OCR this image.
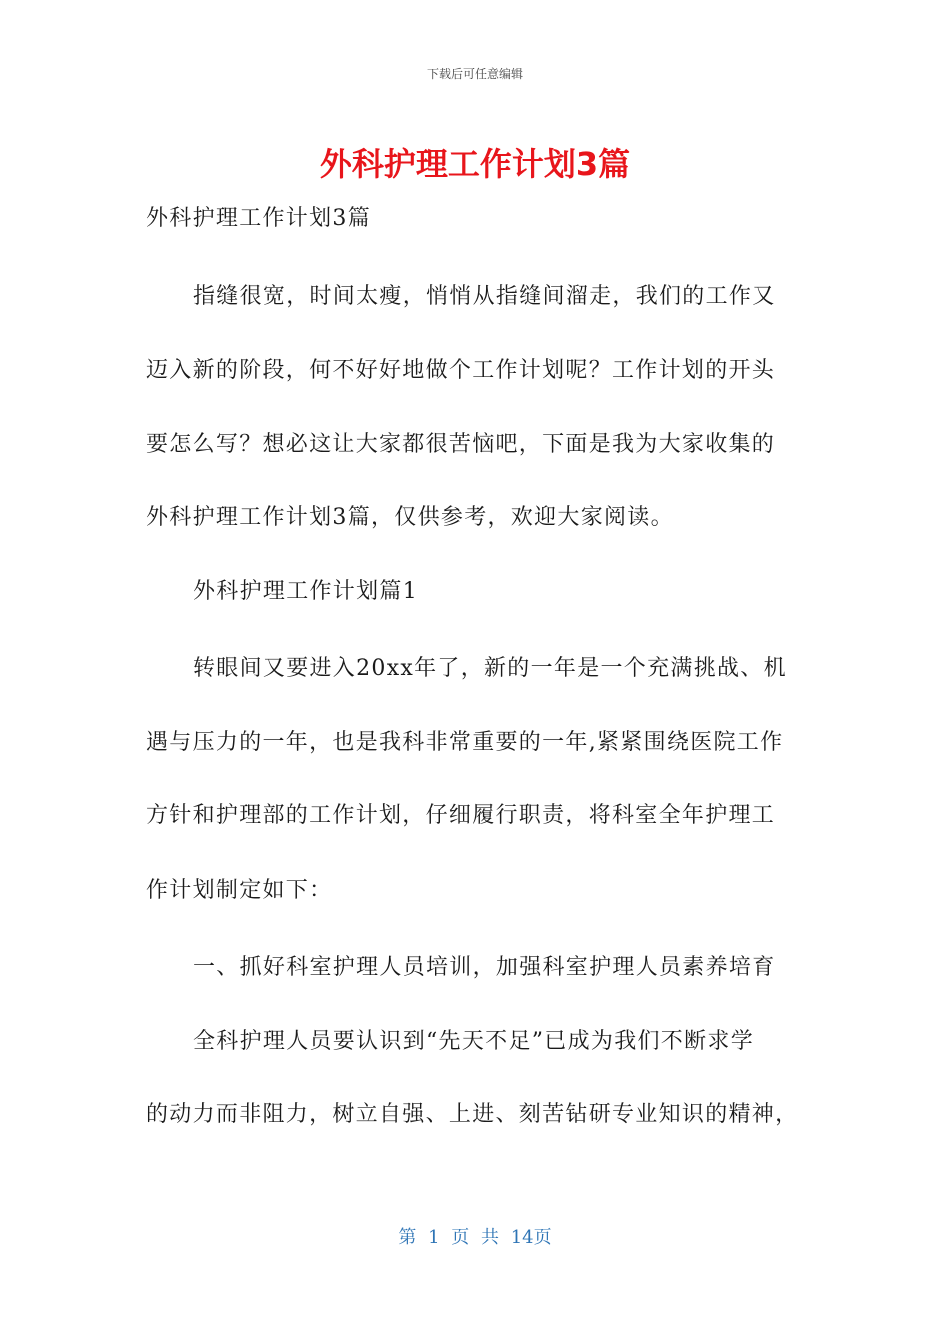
下载后可任意编辑
外科护理工作计划3篇
外科护理工作计划3篇
指缝很宽，时间太瘦，悄悄从指缝间溜走，我们的工作又
迈入新的阶段，何不好好地做个工作计划呢？工作计划的开头
要怎么写？想必这让大家都很苦恼吧，下面是我为大家收集的
外科护理工作计划3篇，仅供参考，欢迎大家阅读。
外科护理工作计划篇1
转眼间又要进入20xx年了，新的一年是一个充满挑战、机
遇与压力的一年，也是我科非常重要的一年,紧紧围绕医院工作
方针和护理部的工作计划，仔细履行职责，将科室全年护理工
作计划制定如下：
一、抓好科室护理人员培训，加强科室护理人员素养培育
全科护理人员要认识到“先天不足”已成为我们不断求学
的动力而非阻力，树立自强、上进、刻苦钻研专业知识的精神，
第 1 页 共 14页
